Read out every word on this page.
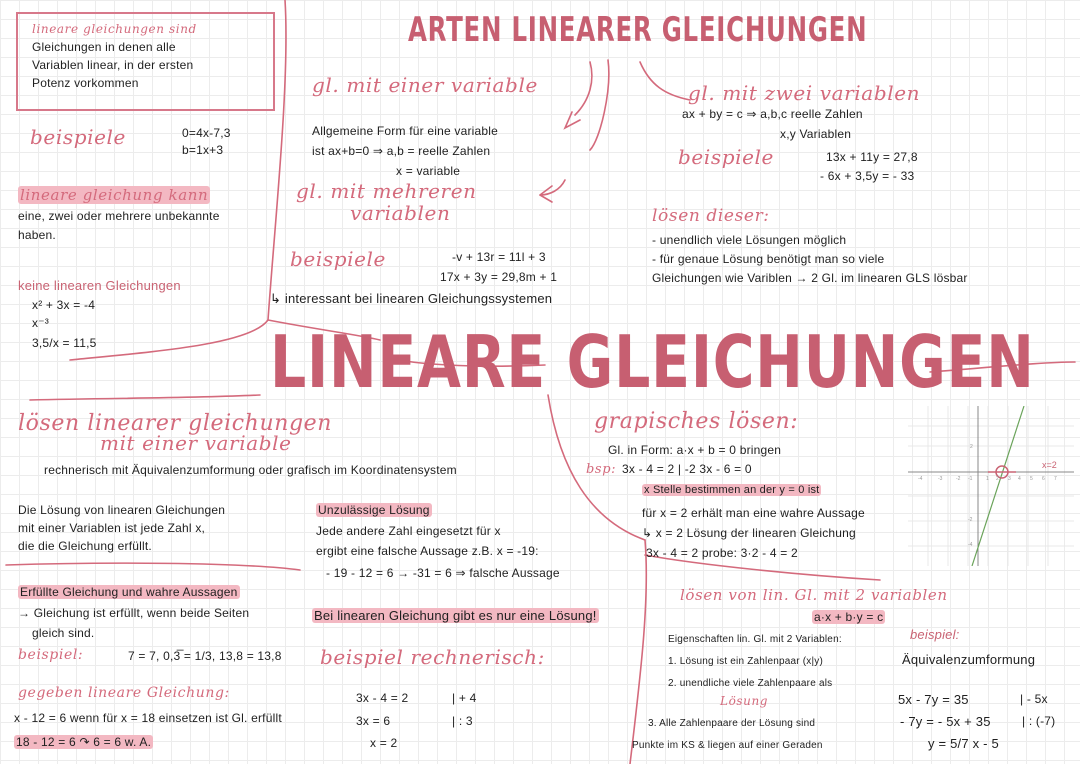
lineare gleichungen sind
Gleichungen in denen alle
Variablen linear, in der ersten
Potenz vorkommen
beispiele	0=4x-7,3
b=1x+3
lineare gleichung kann
eine, zwei oder mehrere unbekannte
haben.
keine linearen Gleichungen
x² + 3x = -4
x⁻³
3,5/x = 11,5
ARTEN LINEARER GLEICHUNGEN
gl. mit einer variable
Allgemeine Form für eine variable
ist ax+b=0 ⇒ a,b = reelle Zahlen
x = variable
gl. mit mehreren
variablen
beispiele	-v + 13r = 11l + 3
17x + 3y = 29,8m + 1
↳ interessant bei linearen Gleichungssystemen
gl. mit zwei variablen
ax + by = c ⇒ a,b,c reelle Zahlen
x,y Variablen
beispiele	13x + 11y = 27,8
- 6x + 3,5y = - 33
lösen dieser:
- unendlich viele Lösungen möglich
- für genaue Lösung benötigt man so viele
Gleichungen wie Variblen → 2 Gl. im linearen GLS lösbar
LINEARE GLEICHUNGEN
lösen linearer gleichungen
mit einer variable
rechnerisch mit Äquivalenzumformung oder grafisch im Koordinatensystem
Die Lösung von linearen Gleichungen
mit einer Variablen ist jede Zahl x,
die die Gleichung erfüllt.
Unzulässige Lösung
Jede andere Zahl eingesetzt für x
ergibt eine falsche Aussage z.B. x = -19:
- 19 - 12 = 6 → -31 = 6 ⇒ falsche Aussage
Erfüllte Gleichung und wahre Aussagen
→ Gleichung ist erfüllt, wenn beide Seiten
gleich sind.
beispiel:	7 = 7, 0,3̅ = 1/3, 13,8 = 13,8
Bei linearen Gleichung gibt es nur eine Lösung!
beispiel rechnerisch:
gegeben lineare Gleichung:
x - 12 = 6 wenn für x = 18 einsetzen ist Gl. erfüllt
18 - 12 = 6 ↷ 6 = 6 w. A.
3x - 4 = 2	| + 4
3x = 6	| : 3
x = 2
grapisches lösen:
Gl. in Form: a·x + b = 0 bringen
bsp: 3x - 4 = 2 | -2 3x - 6 = 0
x Stelle bestimmen an der y = 0 ist
für x = 2 erhält man eine wahre Aussage
↳ x = 2 Lösung der linearen Gleichung
3x - 4 = 2 probe: 3·2 - 4 = 2
x=2
-4	-3	-2 -1	1 2 3 4 5 6 7
2
-2
-4
lösen von lin. Gl. mit 2 variablen
a·x + b·y = c
Eigenschaften lin. Gl. mit 2 Variablen:
1. Lösung ist ein Zahlenpaar (x|y)
2. unendliche viele Zahlenpaare als
Lösung
3. Alle Zahlenpaare der Lösung sind
Punkte im KS & liegen auf einer Geraden
beispiel:
Äquivalenzumformung
5x - 7y = 35	| - 5x
- 7y = - 5x + 35	| : (-7)
y = 5/7 x - 5
